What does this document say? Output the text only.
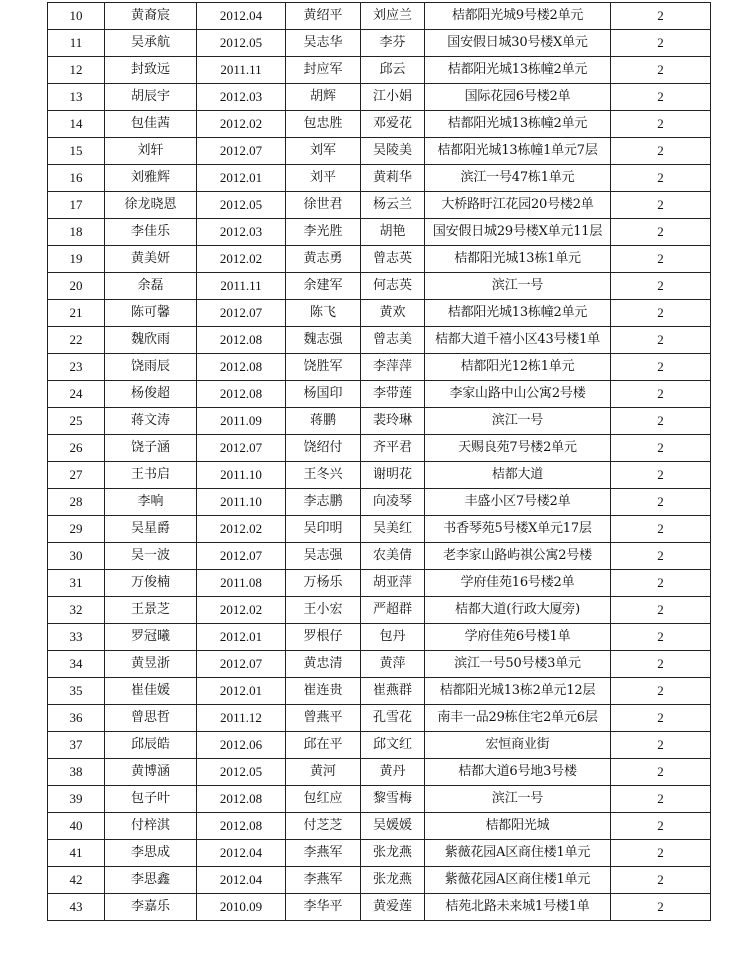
10	黄裔宸	2012.04	黄绍平	刘应兰	桔都阳光城9号楼2单元	2
11	吴承航	2012.05	吴志华	李芬	国安假日城30号楼X单元	2
12	封致远	2011.11	封应军	邱云	桔都阳光城13栋幢2单元	2
13	胡辰宇	2012.03	胡辉	江小娟	国际花园6号楼2单	2
14	包佳茜	2012.02	包忠胜	邓爱花	桔都阳光城13栋幢2单元	2
15	刘轩	2012.07	刘军	吴陵美	桔都阳光城13栋幢1单元7层	2
16	刘雅辉	2012.01	刘平	黄莉华	滨江一号47栋1单元	2
17	徐龙晓恩	2012.05	徐世君	杨云兰	大桥路盱江花园20号楼2单	2
18	李佳乐	2012.03	李光胜	胡艳	国安假日城29号楼X单元11层	2
19	黄美妍	2012.02	黄志勇	曾志英	桔都阳光城13栋1单元	2
20	余磊	2011.11	余建军	何志英	滨江一号	2
21	陈可馨	2012.07	陈飞	黄欢	桔都阳光城13栋幢2单元	2
22	魏欣雨	2012.08	魏志强	曾志美	桔都大道千禧小区43号楼1单	2
23	饶雨辰	2012.08	饶胜军	李萍萍	桔都阳光12栋1单元	2
24	杨俊超	2012.08	杨国印	李带莲	李家山路中山公寓2号楼	2
25	蒋文涛	2011.09	蒋鹏	裴玲琳	滨江一号	2
26	饶子涵	2012.07	饶绍付	齐平君	天赐良苑7号楼2单元	2
27	王书启	2011.10	王冬兴	谢明花	桔都大道	2
28	李响	2011.10	李志鹏	向凌琴	丰盛小区7号楼2单	2
29	吴星爵	2012.02	吴印明	吴美红	书香琴苑5号楼X单元17层	2
30	吴一波	2012.07	吴志强	农美倩	老李家山路屿祺公寓2号楼	2
31	万俊楠	2011.08	万杨乐	胡亚萍	学府佳苑16号楼2单	2
32	王景芝	2012.02	王小宏	严超群	桔都大道(行政大厦旁)	2
33	罗冠曦	2012.01	罗根仔	包丹	学府佳苑6号楼1单	2
34	黄昱浙	2012.07	黄忠清	黄萍	滨江一号50号楼3单元	2
35	崔佳媛	2012.01	崔连贵	崔燕群	桔都阳光城13栋2单元12层	2
36	曾思哲	2011.12	曾燕平	孔雪花	南丰一品29栋住宅2单元6层	2
37	邱辰皓	2012.06	邱在平	邱文红	宏恒商业街	2
38	黄博涵	2012.05	黄河	黄丹	桔都大道6号地3号楼	2
39	包子叶	2012.08	包红应	黎雪梅	滨江一号	2
40	付梓淇	2012.08	付芝芝	吴媛媛	桔都阳光城	2
41	李思成	2012.04	李燕军	张龙燕	紫薇花园A区商住楼1单元	2
42	李思鑫	2012.04	李燕军	张龙燕	紫薇花园A区商住楼1单元	2
43	李嘉乐	2010.09	李华平	黄爱莲	桔苑北路未来城1号楼1单	2
